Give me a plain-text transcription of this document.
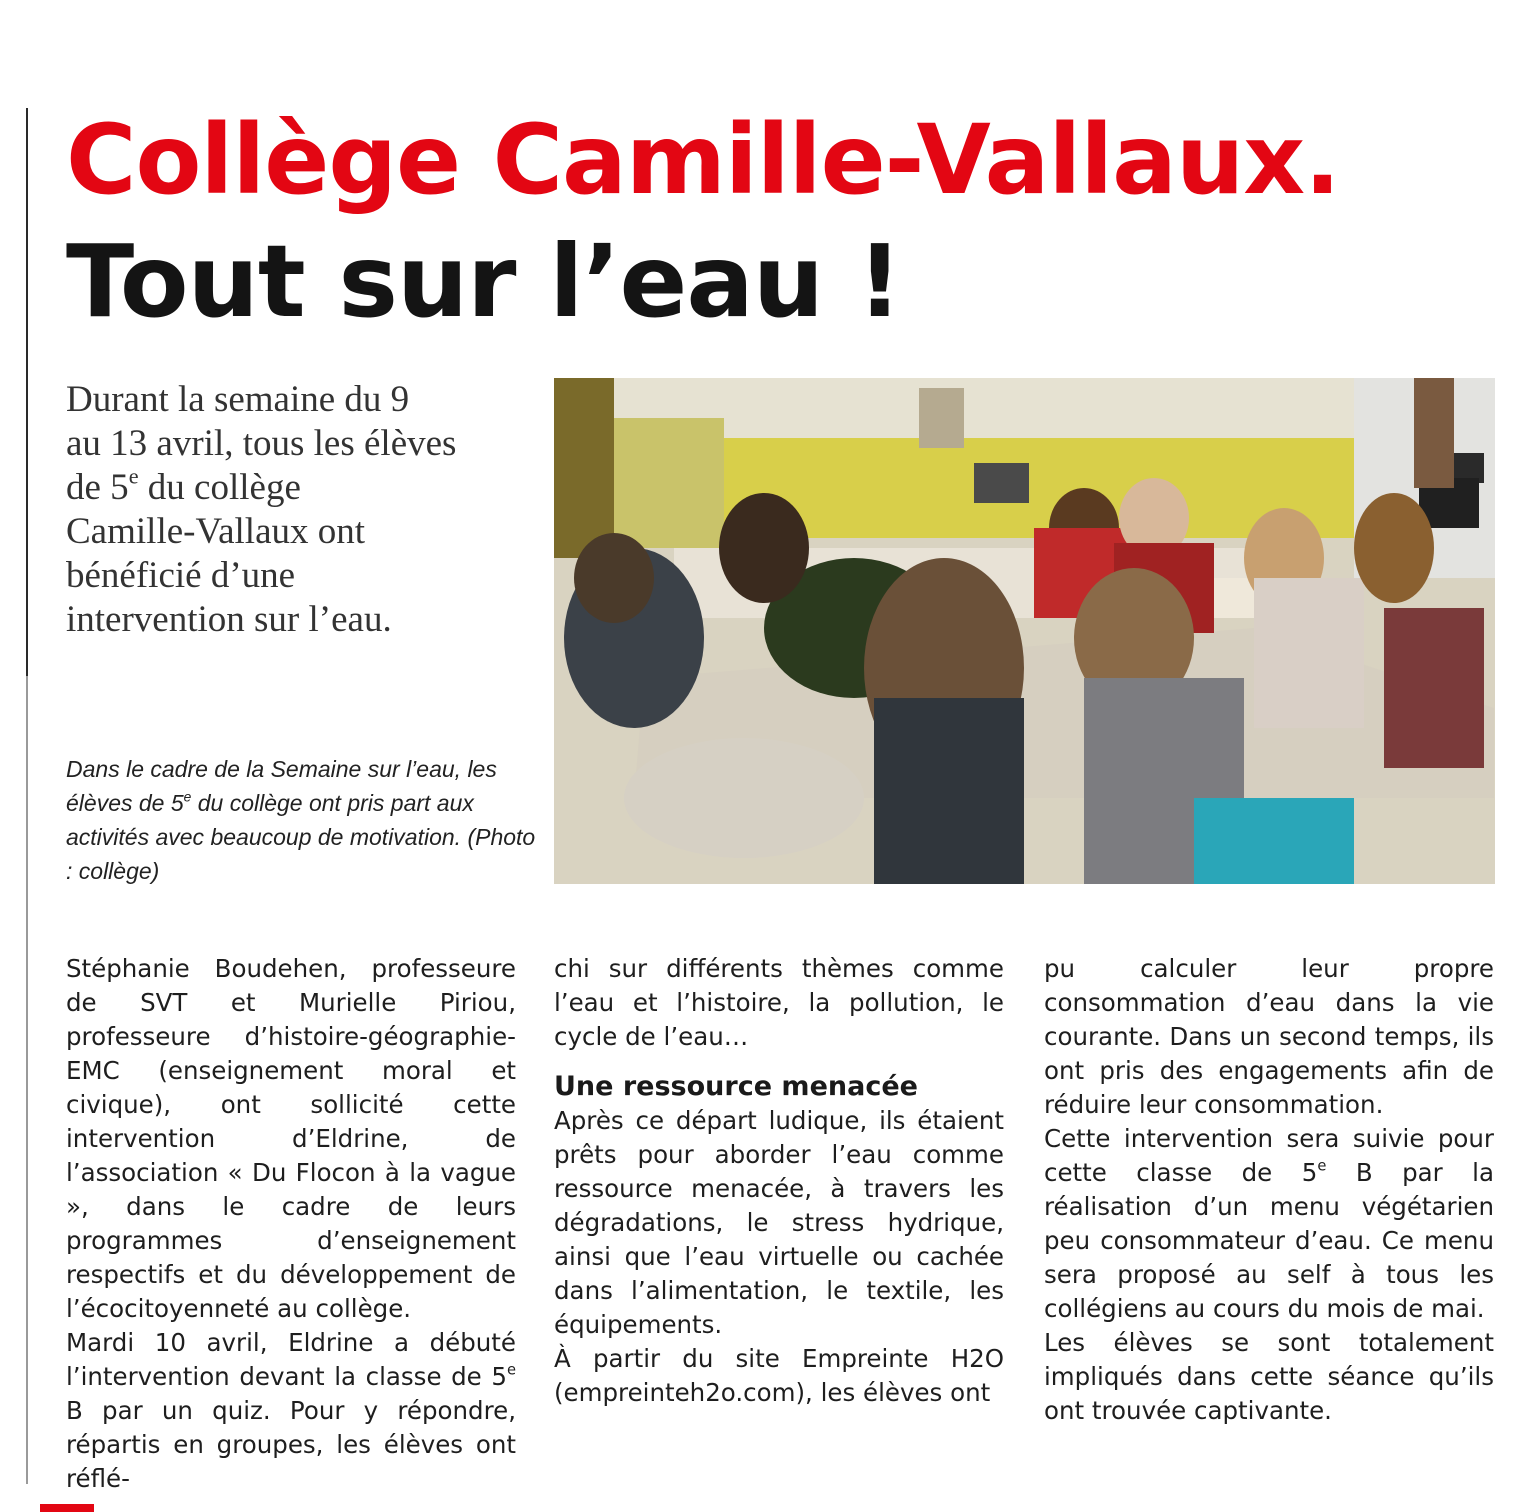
Collège Camille-Vallaux.
Tout sur l’eau !

Durant la semaine du 9
au 13 avril, tous les élèves
de 5e du collège
Camille-Vallaux ont
bénéficié d’une
intervention sur l’eau.

Dans le cadre de la Semaine sur l’eau, les élèves de 5e du collège ont pris part aux activités avec beaucoup de motivation. (Photo : collège)

Stéphanie Boudehen, professeure de SVT et Murielle Piriou, professeure d’histoire-géographie-EMC (enseignement moral et civique), ont sollicité cette intervention d’Eldrine, de l’association « Du Flocon à la vague », dans le cadre de leurs programmes d’enseignement respectifs et du développement de l’écocitoyenneté au collège.

Mardi 10 avril, Eldrine a débuté l’intervention devant la classe de 5e B par un quiz. Pour y répondre, répartis en groupes, les élèves ont réflé-

chi sur différents thèmes comme l’eau et l’histoire, la pollution, le cycle de l’eau…

Une ressource menacée

Après ce départ ludique, ils étaient prêts pour aborder l’eau comme ressource menacée, à travers les dégradations, le stress hydrique, ainsi que l’eau virtuelle ou cachée dans l’alimentation, le textile, les équipements.

À partir du site Empreinte H2O (empreinteh2o.com), les élèves ont

pu calculer leur propre consommation d’eau dans la vie courante. Dans un second temps, ils ont pris des engagements afin de réduire leur consommation.

Cette intervention sera suivie pour cette classe de 5e B par la réalisation d’un menu végétarien peu consommateur d’eau. Ce menu sera proposé au self à tous les collégiens au cours du mois de mai.

Les élèves se sont totalement impliqués dans cette séance qu’ils ont trouvée captivante.
